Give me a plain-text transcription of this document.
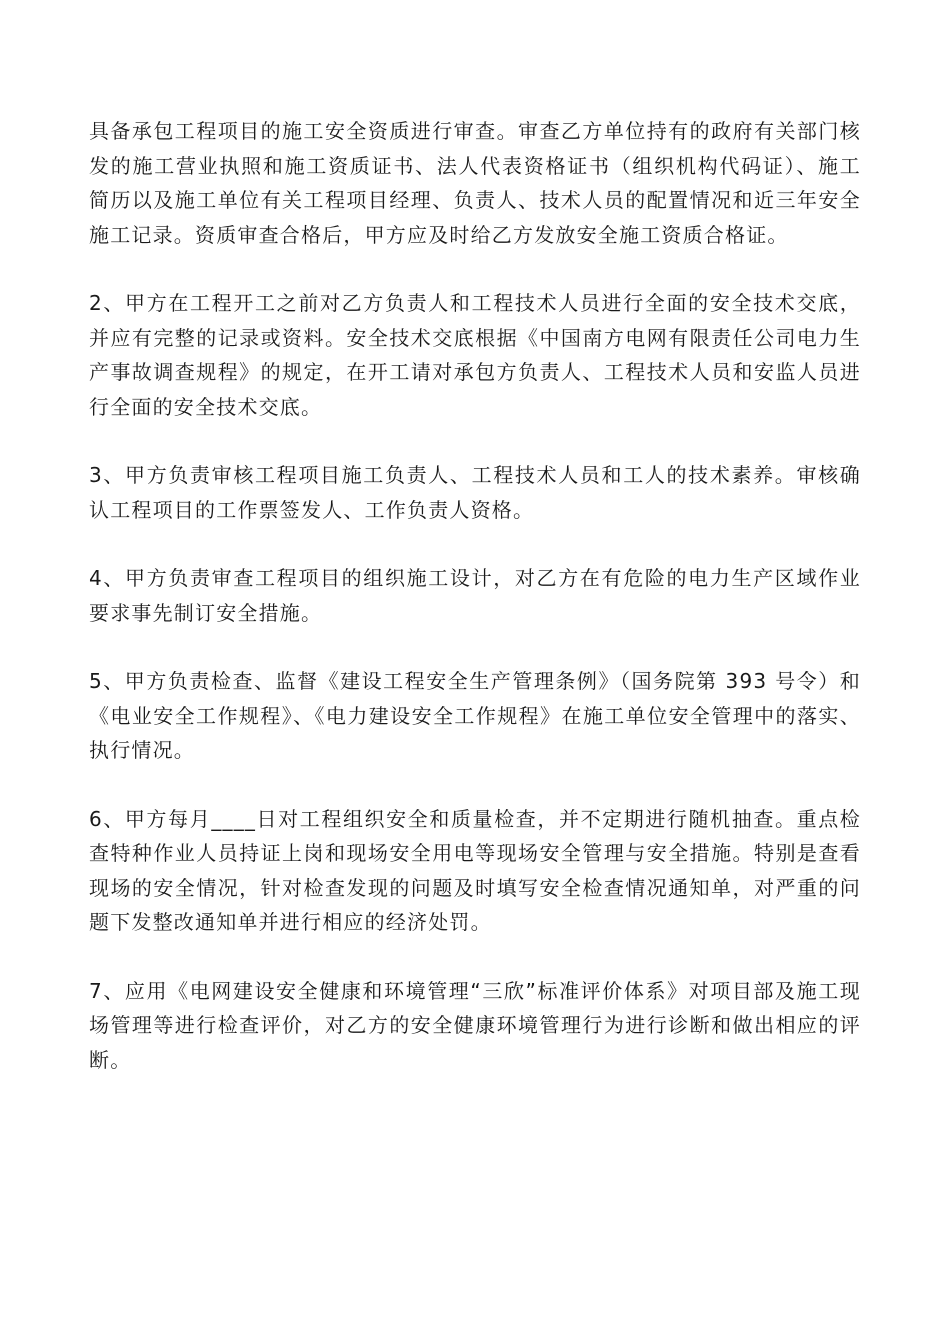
具备承包工程项目的施工安全资质进行审查。审查乙方单位持有的政府有关部门核发的施工营业执照和施工资质证书、法人代表资格证书（组织机构代码证）、施工简历以及施工单位有关工程项目经理、负责人、技术人员的配置情况和近三年安全施工记录。资质审查合格后，甲方应及时给乙方发放安全施工资质合格证。

2、甲方在工程开工之前对乙方负责人和工程技术人员进行全面的安全技术交底，并应有完整的记录或资料。安全技术交底根据《中国南方电网有限责任公司电力生产事故调查规程》的规定，在开工请对承包方负责人、工程技术人员和安监人员进行全面的安全技术交底。

3、甲方负责审核工程项目施工负责人、工程技术人员和工人的技术素养。审核确认工程项目的工作票签发人、工作负责人资格。

4、甲方负责审查工程项目的组织施工设计，对乙方在有危险的电力生产区域作业要求事先制订安全措施。

5、甲方负责检查、监督《建设工程安全生产管理条例》（国务院第 393 号令）和《电业安全工作规程》、《电力建设安全工作规程》在施工单位安全管理中的落实、执行情况。

6、甲方每月____日对工程组织安全和质量检查，并不定期进行随机抽查。重点检查特种作业人员持证上岗和现场安全用电等现场安全管理与安全措施。特别是查看现场的安全情况，针对检查发现的问题及时填写安全检查情况通知单，对严重的问题下发整改通知单并进行相应的经济处罚。

7、应用《电网建设安全健康和环境管理“三欣”标准评价体系》对项目部及施工现场管理等进行检查评价，对乙方的安全健康环境管理行为进行诊断和做出相应的评断。
